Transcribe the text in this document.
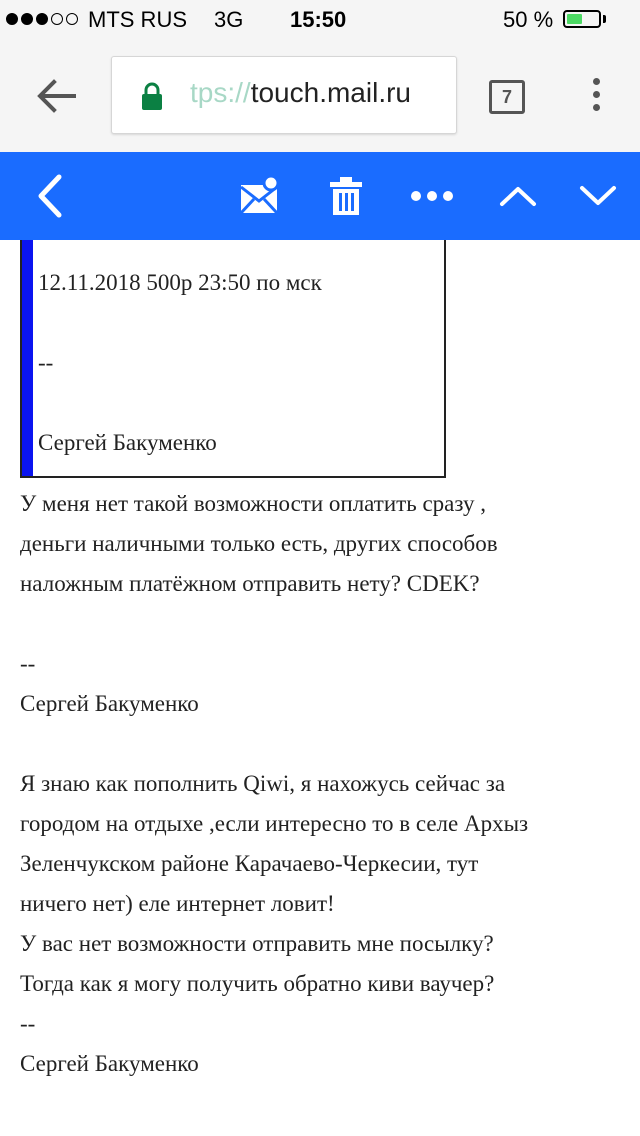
MTS RUS 3G 15:50	50 %
tps://touch.mail.ru	7

12.11.2018 500р 23:50 по мск

--

Сергей Бакуменко

У меня нет такой возможности оплатить сразу ,
деньги наличными только есть, других способов
наложным платёжном отправить нету? CDEK?
--
Сергей Бакуменко
Я знаю как пополнить Qiwi, я нахожусь сейчас за
городом на отдыхе ,если интересно то в селе Архыз
Зеленчукском районе Карачаево-Черкесии, тут
ничего нет) еле интернет ловит!
У вас нет возможности отправить мне посылку?
Тогда как я могу получить обратно киви ваучер?
--
Сергей Бакуменко
